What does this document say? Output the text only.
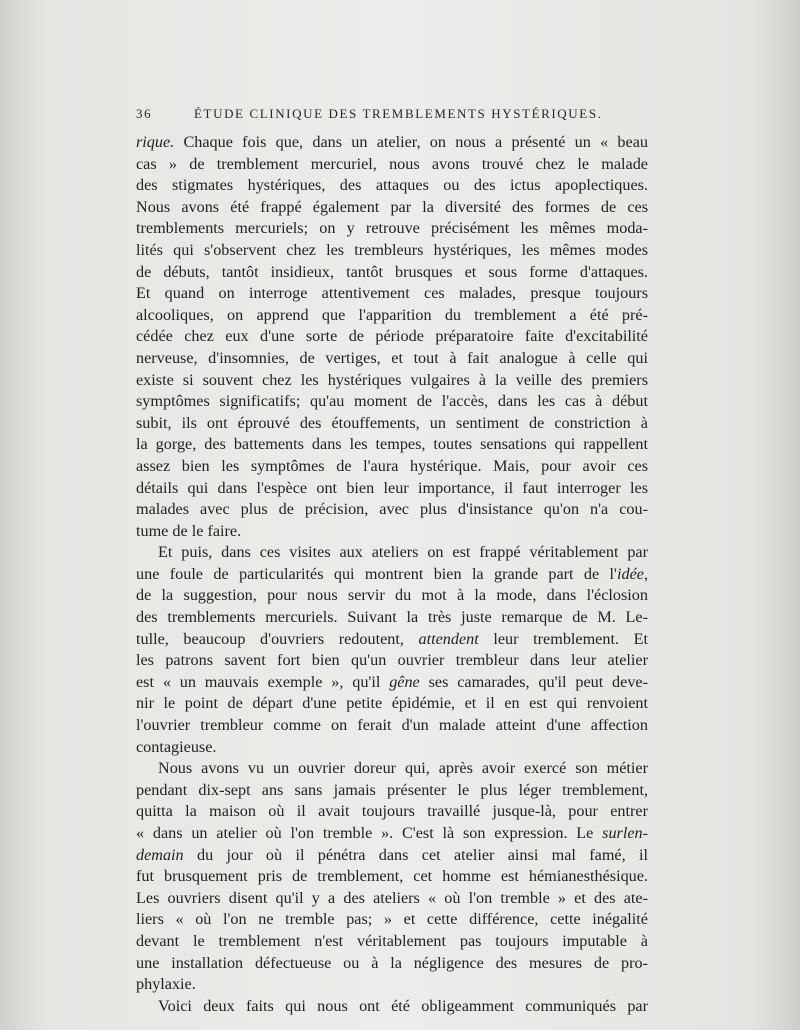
36	ÉTUDE CLINIQUE DES TREMBLEMENTS HYSTÉRIQUES.
rique. Chaque fois que, dans un atelier, on nous a présenté un « beau
cas » de tremblement mercuriel, nous avons trouvé chez le malade
des stigmates hystériques, des attaques ou des ictus apoplectiques.
Nous avons été frappé également par la diversité des formes de ces
tremblements mercuriels; on y retrouve précisément les mêmes moda-
lités qui s'observent chez les trembleurs hystériques, les mêmes modes
de débuts, tantôt insidieux, tantôt brusques et sous forme d'attaques.
Et quand on interroge attentivement ces malades, presque toujours
alcooliques, on apprend que l'apparition du tremblement a été pré-
cédée chez eux d'une sorte de période préparatoire faite d'excitabilité
nerveuse, d'insomnies, de vertiges, et tout à fait analogue à celle qui
existe si souvent chez les hystériques vulgaires à la veille des premiers
symptômes significatifs; qu'au moment de l'accès, dans les cas à début
subit, ils ont éprouvé des étouffements, un sentiment de constriction à
la gorge, des battements dans les tempes, toutes sensations qui rappellent
assez bien les symptômes de l'aura hystérique. Mais, pour avoir ces
détails qui dans l'espèce ont bien leur importance, il faut interroger les
malades avec plus de précision, avec plus d'insistance qu'on n'a cou-
tume de le faire.
Et puis, dans ces visites aux ateliers on est frappé véritablement par
une foule de particularités qui montrent bien la grande part de l'idée,
de la suggestion, pour nous servir du mot à la mode, dans l'éclosion
des tremblements mercuriels. Suivant la très juste remarque de M. Le-
tulle, beaucoup d'ouvriers redoutent, attendent leur tremblement. Et
les patrons savent fort bien qu'un ouvrier trembleur dans leur atelier
est « un mauvais exemple », qu'il gêne ses camarades, qu'il peut deve-
nir le point de départ d'une petite épidémie, et il en est qui renvoient
l'ouvrier trembleur comme on ferait d'un malade atteint d'une affection
contagieuse.
Nous avons vu un ouvrier doreur qui, après avoir exercé son métier
pendant dix-sept ans sans jamais présenter le plus léger tremblement,
quitta la maison où il avait toujours travaillé jusque-là, pour entrer
« dans un atelier où l'on tremble ». C'est là son expression. Le surlen-
demain du jour où il pénétra dans cet atelier ainsi mal famé, il
fut brusquement pris de tremblement, cet homme est hémianesthésique.
Les ouvriers disent qu'il y a des ateliers « où l'on tremble » et des ate-
liers « où l'on ne tremble pas; » et cette différence, cette inégalité
devant le tremblement n'est véritablement pas toujours imputable à
une installation défectueuse ou à la négligence des mesures de pro-
phylaxie.
Voici deux faits qui nous ont été obligeamment communiqués par
